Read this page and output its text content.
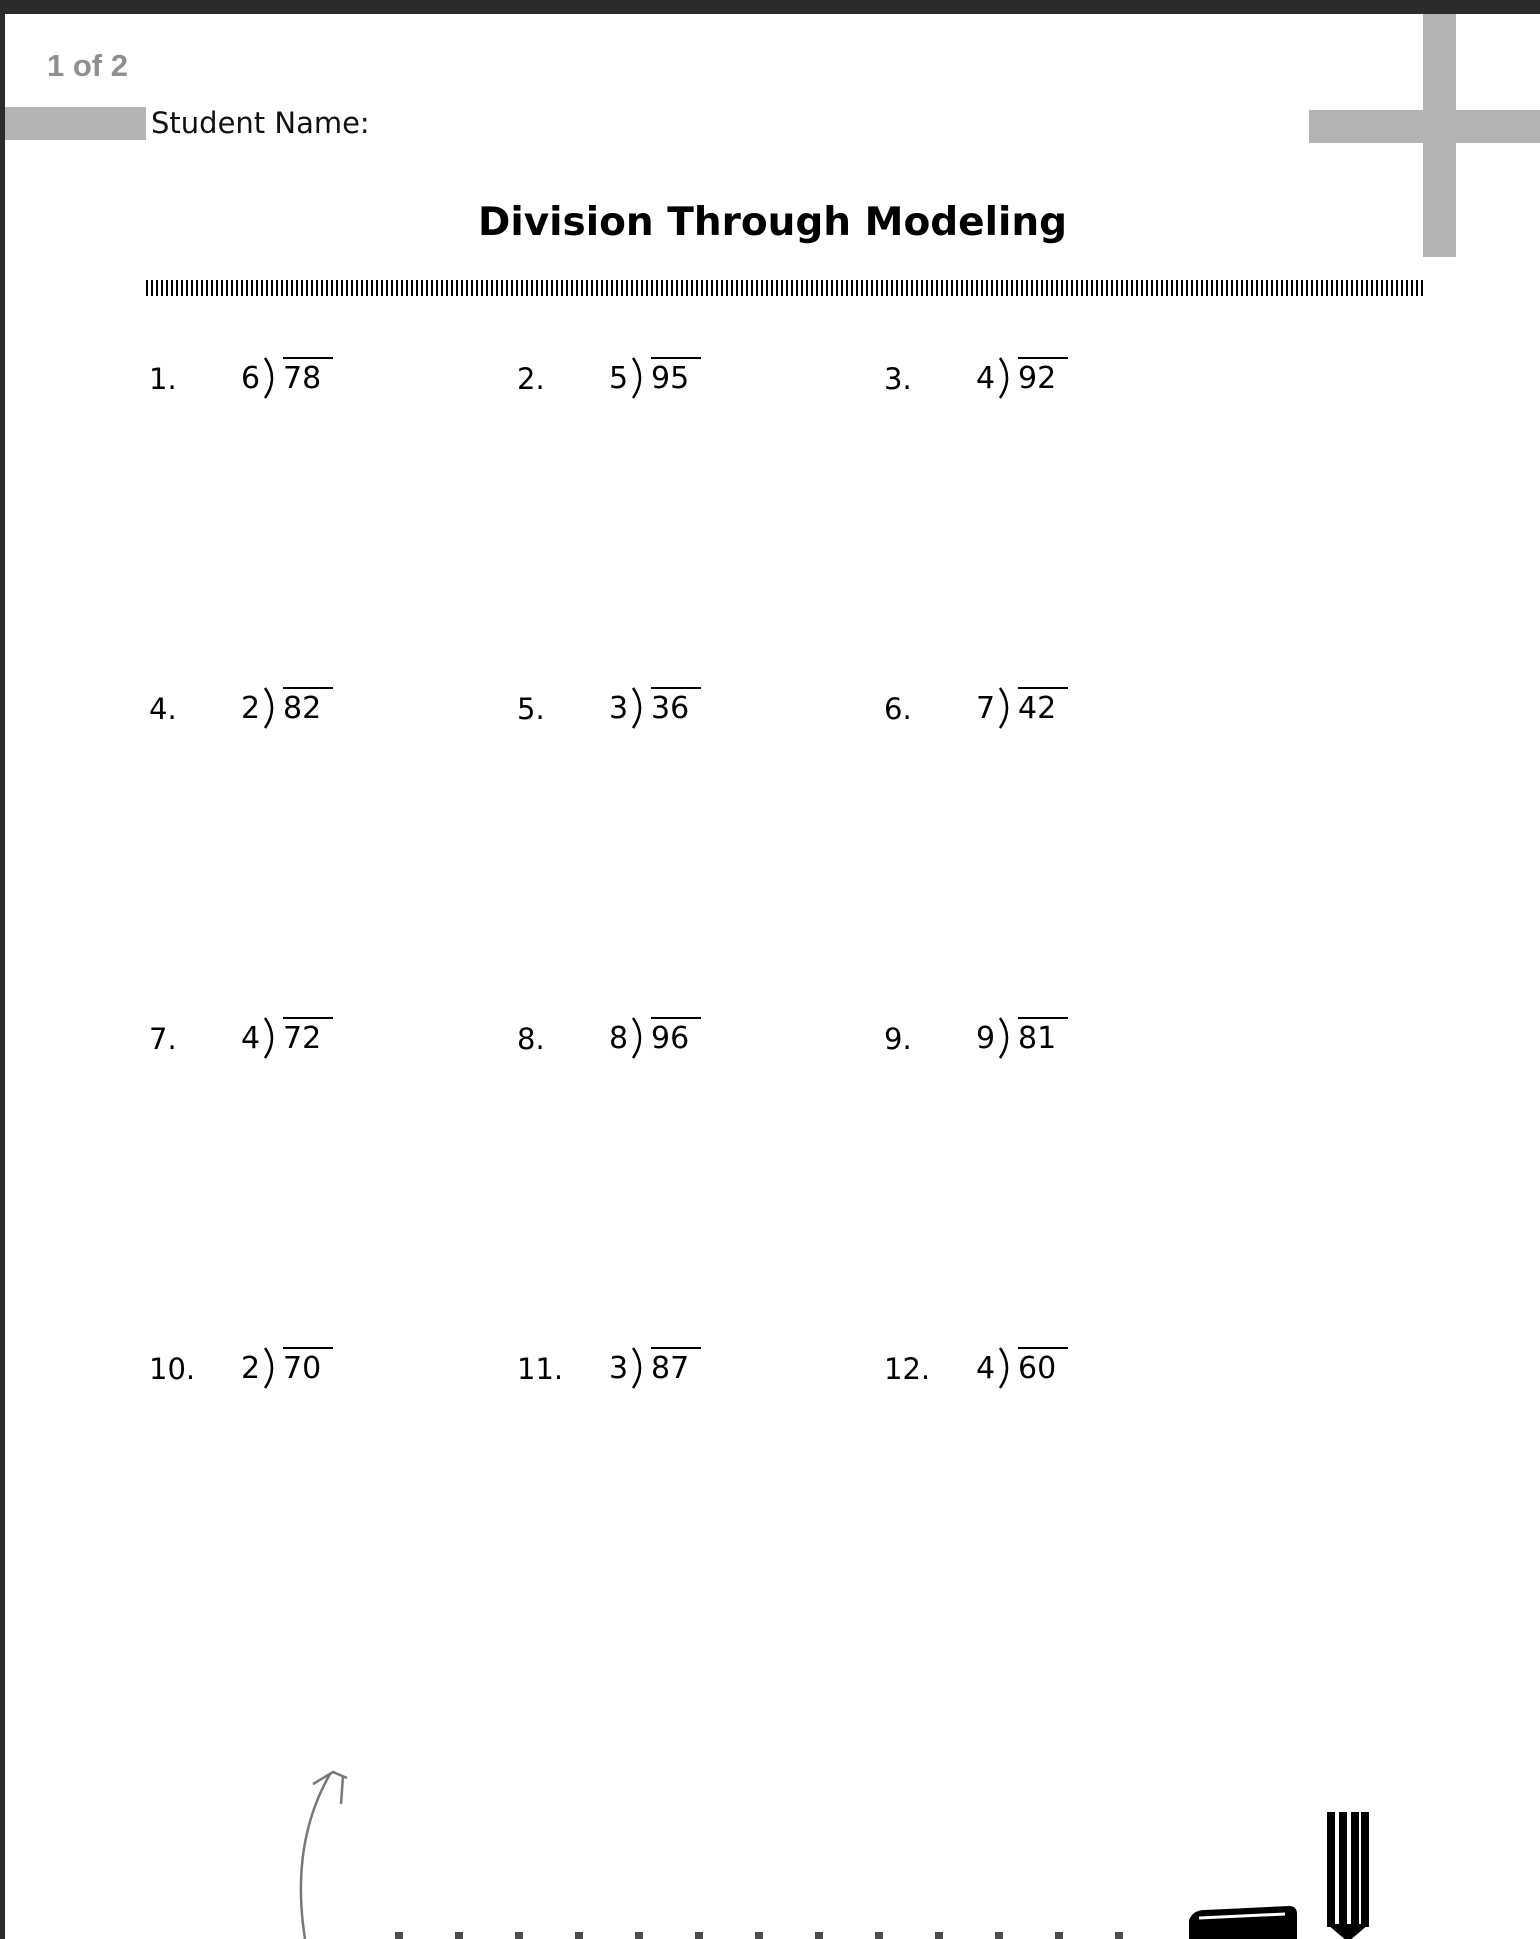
1 of 2
Student Name:
Division Through Modeling
1. 6 78	2. 5 95	3. 4 92
4. 2 82	5. 3 36	6. 7 42
7. 4 72	8. 8 96	9. 9 81
10. 2 70	11. 3 87	12. 4 60
